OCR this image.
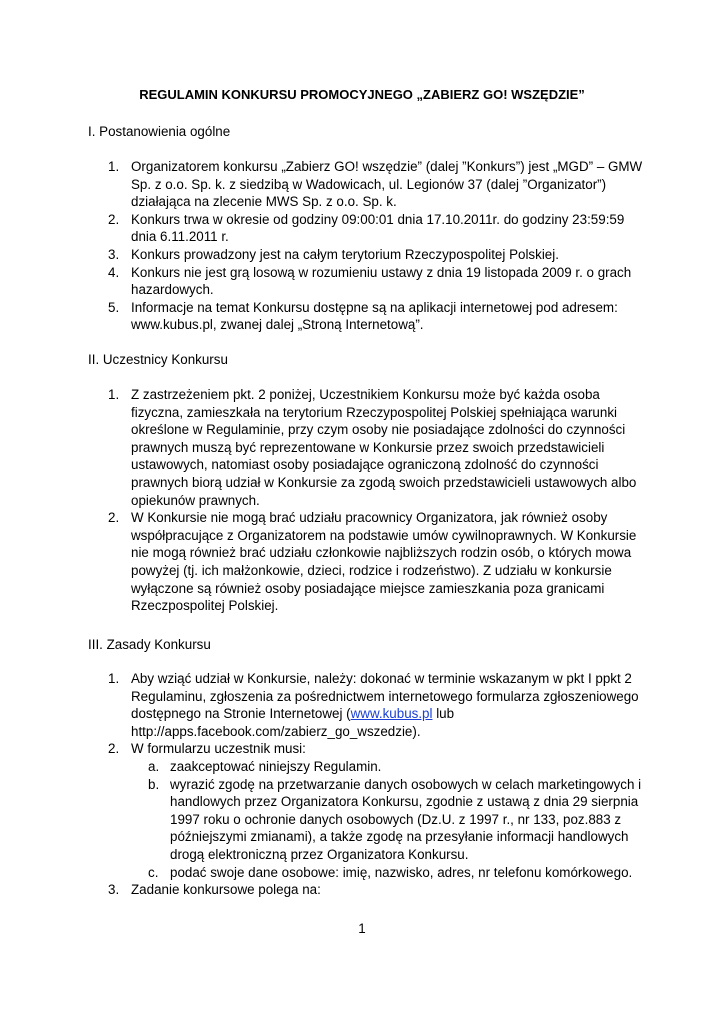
REGULAMIN KONKURSU PROMOCYJNEGO „ZABIERZ GO! WSZĘDZIE”
I. Postanowienia ogólne
1. Organizatorem konkursu „Zabierz GO! wszędzie” (dalej ”Konkurs”) jest „MGD” – GMW Sp. z o.o. Sp. k. z siedzibą w Wadowicach, ul. Legionów 37 (dalej ”Organizator”) działająca na zlecenie MWS Sp. z o.o. Sp. k.
2. Konkurs trwa w okresie od godziny 09:00:01 dnia 17.10.2011r. do godziny 23:59:59 dnia 6.11.2011 r.
3. Konkurs prowadzony jest na całym terytorium Rzeczypospolitej Polskiej.
4. Konkurs nie jest grą losową w rozumieniu ustawy z dnia 19 listopada 2009 r. o grach hazardowych.
5. Informacje na temat Konkursu dostępne są na aplikacji internetowej pod adresem: www.kubus.pl, zwanej dalej „Stroną Internetową”.
II. Uczestnicy Konkursu
1. Z zastrzeżeniem pkt. 2 poniżej, Uczestnikiem Konkursu może być każda osoba fizyczna, zamieszkała na terytorium Rzeczypospolitej Polskiej spełniająca warunki określone w Regulaminie, przy czym osoby nie posiadające zdolności do czynności prawnych muszą być reprezentowane w Konkursie przez swoich przedstawicieli ustawowych, natomiast osoby posiadające ograniczoną zdolność do czynności prawnych biorą udział w Konkursie za zgodą swoich przedstawicieli ustawowych albo opiekunów prawnych.
2. W Konkursie nie mogą brać udziału pracownicy Organizatora, jak również osoby współpracujące z Organizatorem na podstawie umów cywilnoprawnych. W Konkursie nie mogą również brać udziału członkowie najbliższych rodzin osób, o których mowa powyżej (tj. ich małżonkowie, dzieci, rodzice i rodzeństwo). Z udziału w konkursie wyłączone są również osoby posiadające miejsce zamieszkania poza granicami Rzeczpospolitej Polskiej.
III. Zasady Konkursu
1. Aby wziąć udział w Konkursie, należy: dokonać w terminie wskazanym w pkt I ppkt 2 Regulaminu, zgłoszenia za pośrednictwem internetowego formularza zgłoszeniowego dostępnego na Stronie Internetowej (www.kubus.pl lub http://apps.facebook.com/zabierz_go_wszedzie).
2. W formularzu uczestnik musi:
a. zaakceptować niniejszy Regulamin.
b. wyrazić zgodę na przetwarzanie danych osobowych w celach marketingowych i handlowych przez Organizatora Konkursu, zgodnie z ustawą z dnia 29 sierpnia 1997 roku o ochronie danych osobowych (Dz.U. z 1997 r., nr 133, poz.883 z późniejszymi zmianami), a także zgodę na przesyłanie informacji handlowych drogą elektroniczną przez Organizatora Konkursu.
c. podać swoje dane osobowe: imię, nazwisko, adres, nr telefonu komórkowego.
3. Zadanie konkursowe polega na:
1
